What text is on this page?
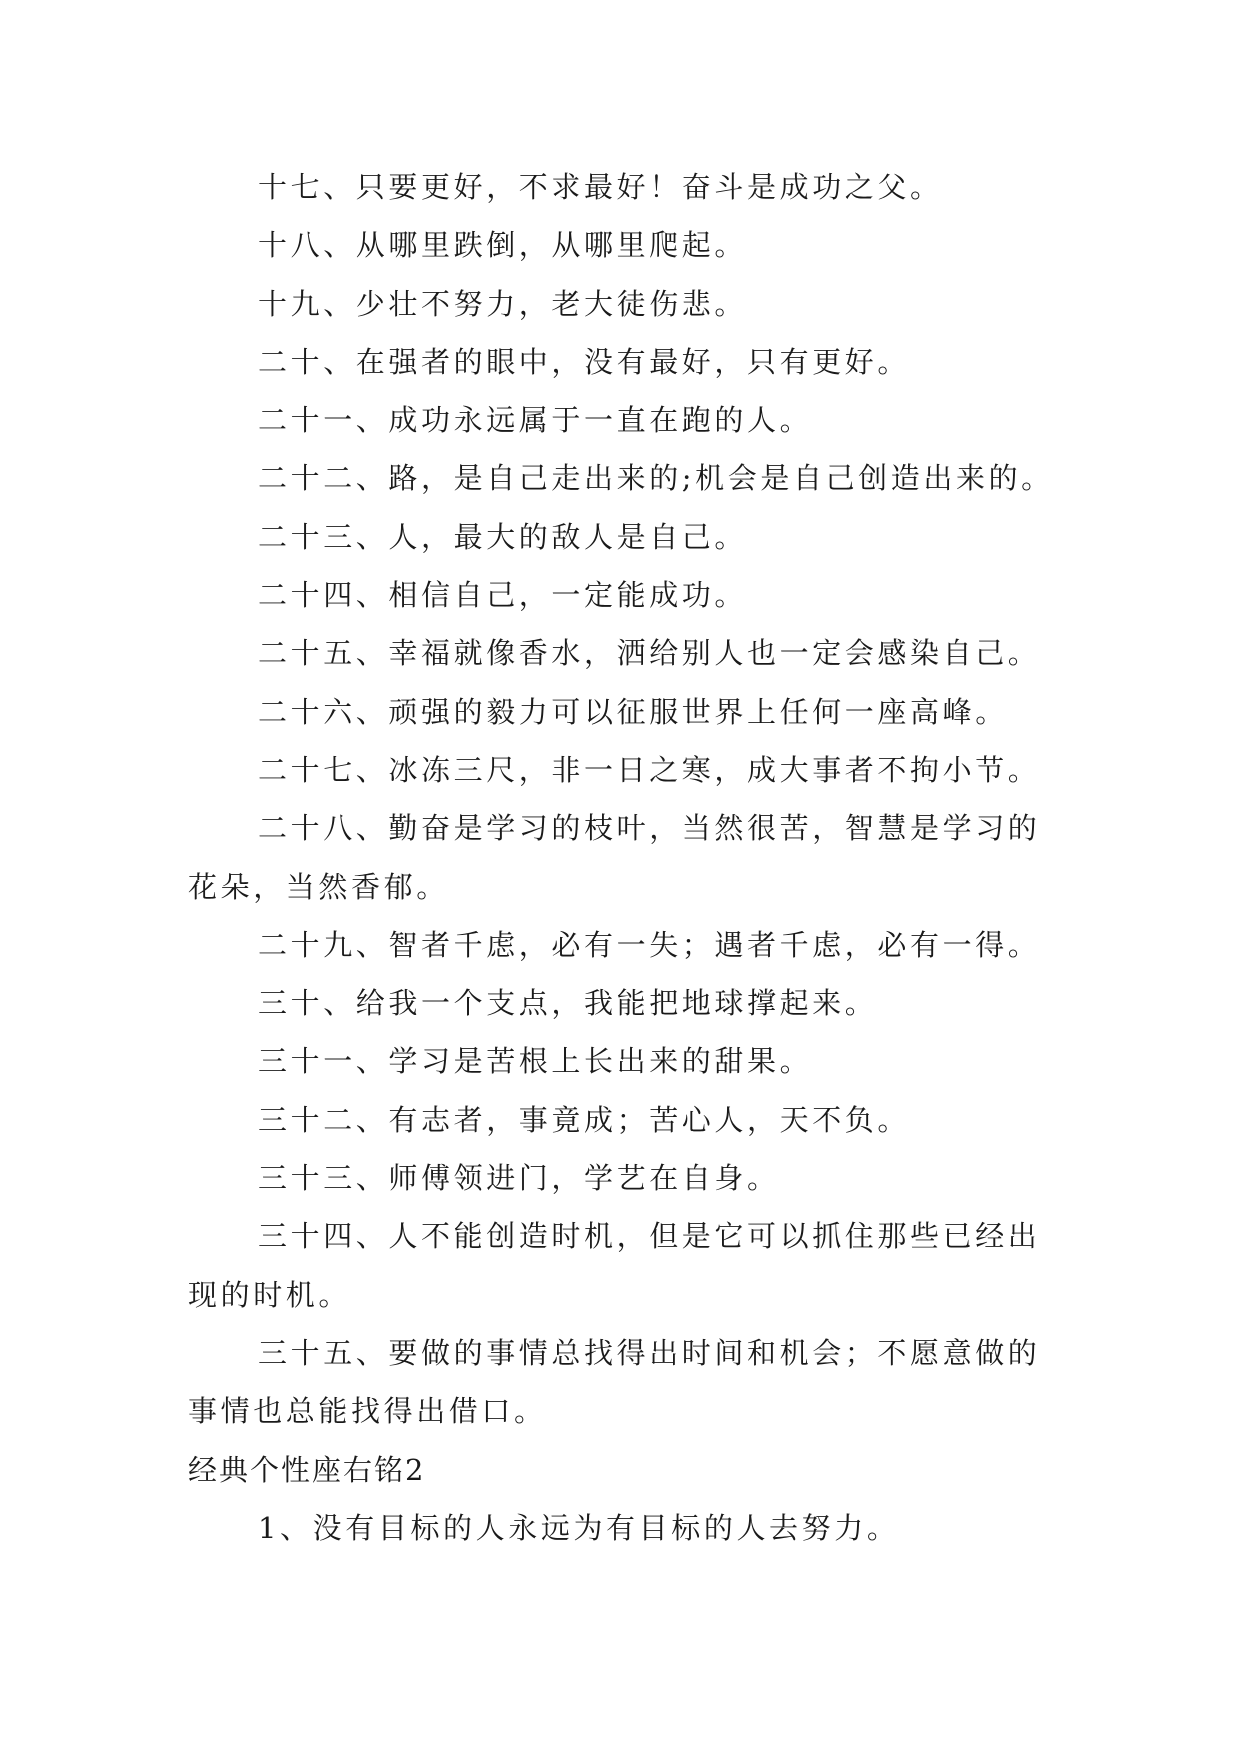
十七、只要更好，不求最好！奋斗是成功之父。

十八、从哪里跌倒，从哪里爬起。

十九、少壮不努力，老大徒伤悲。

二十、在强者的眼中，没有最好，只有更好。

二十一、成功永远属于一直在跑的人。

二十二、路，是自己走出来的;机会是自己创造出来的。

二十三、人，最大的敌人是自己。

二十四、相信自己，一定能成功。

二十五、幸福就像香水，洒给别人也一定会感染自己。

二十六、顽强的毅力可以征服世界上任何一座高峰。

二十七、冰冻三尺，非一日之寒，成大事者不拘小节。

二十八、勤奋是学习的枝叶，当然很苦，智慧是学习的花朵，当然香郁。

二十九、智者千虑，必有一失；遇者千虑，必有一得。

三十、给我一个支点，我能把地球撑起来。

三十一、学习是苦根上长出来的甜果。

三十二、有志者，事竟成；苦心人，天不负。

三十三、师傅领进门，学艺在自身。

三十四、人不能创造时机，但是它可以抓住那些已经出现的时机。

三十五、要做的事情总找得出时间和机会；不愿意做的事情也总能找得出借口。

经典个性座右铭2

1、没有目标的人永远为有目标的人去努力。
